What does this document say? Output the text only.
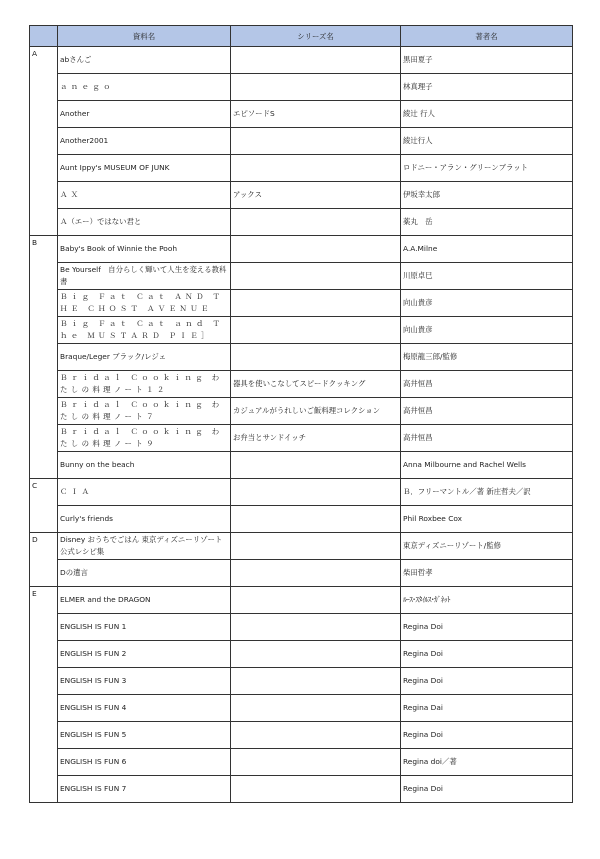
	資料名	シリーズ名	著者名
A	abさんご		黒田夏子
	ａｎｅｇｏ		林真理子
	Another	エピソードS	綾辻 行人
	Another2001		綾辻行人
	Aunt Ippy's MUSEUM OF JUNK		ロドニー・アラン・グリーンブラット
	ＡＸ	アックス	伊坂幸太郎
	Ａ（エー）ではない君と		薬丸　岳
B	Baby's Book of Winnie the Pooh		A.A.Milne
	Be Yourself　自分らしく輝いて人生を変える教科書		川原卓巳
	Ｂｉｇ Ｆａｔ Ｃａｔ ＡＮＤ ＴＨＥ ＣＨＯＳＴ ＡＶＥＮＵＥ		向山貴彦
	Ｂｉｇ Ｆａｔ Ｃａｔ ａｎｄ Ｔｈｅ ＭＵＳＴＡＲＤ ＰＩＥ］		向山貴彦
	Braque/Leger ブラック/レジェ		梅原龍三郎/監修
	Ｂｒｉｄａｌ Ｃｏｏｋｉｎｇ わたしの料理ノート１２	器具を使いこなしてスピードクッキング	高井恒昌
	Ｂｒｉｄａｌ Ｃｏｏｋｉｎｇ わたしの料理ノート７	カジュアルがうれしいご飯料理コレクション	高井恒昌
	Ｂｒｉｄａｌ Ｃｏｏｋｉｎｇ わたしの料理ノート９	お弁当とサンドイッチ	高井恒昌
	Bunny on the beach		Anna Milbourne and Rachel Wells
C	ＣＩＡ		Ｂ．フリーマントル／著 新庄哲夫／訳
	Curly's friends		Phil Roxbee Cox
D	Disney おうちでごはん 東京ディズニーリゾート公式レシピ集		東京ディズニーリゾート/監修
	Dの遺言		柴田哲孝
E	ELMER and the DRAGON		ﾙｰｽ･ｽﾀｲﾙｽ･ｶﾞﾈｯﾄ
	ENGLISH IS FUN 1		Regina Doi
	ENGLISH IS FUN 2		Regina Doi
	ENGLISH IS FUN 3		Regina Doi
	ENGLISH IS FUN 4		Regina Dai
	ENGLISH IS FUN 5		Regina Doi
	ENGLISH IS FUN 6		Regina doi／著
	ENGLISH IS FUN 7		Regina Doi
